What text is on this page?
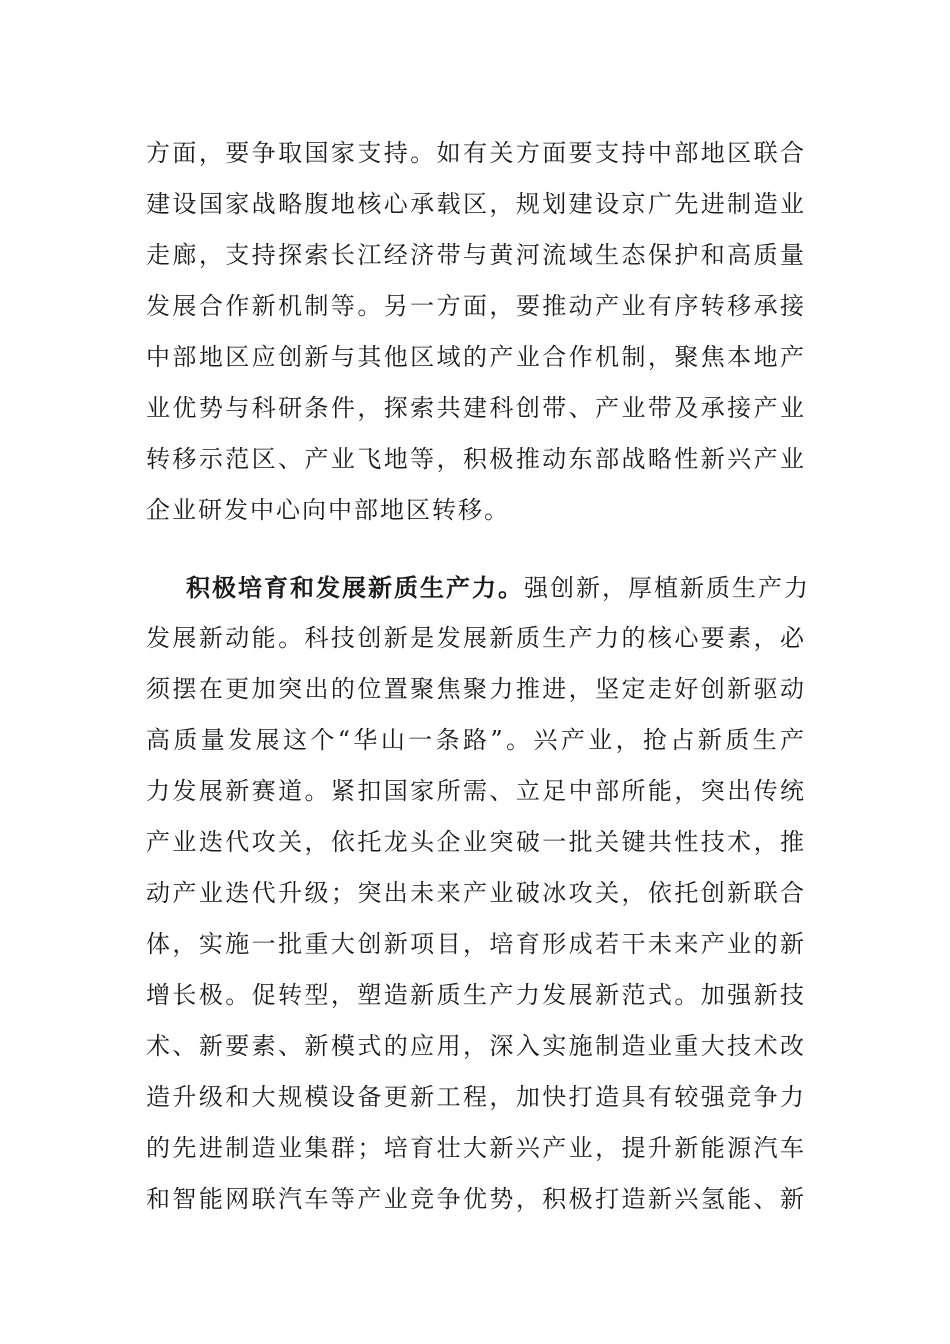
方面，要争取国家支持。如有关方面要支持中部地区联合
建设国家战略腹地核心承载区，规划建设京广先进制造业
走廊，支持探索长江经济带与黄河流域生态保护和高质量
发展合作新机制等。另一方面，要推动产业有序转移承接
中部地区应创新与其他区域的产业合作机制，聚焦本地产
业优势与科研条件，探索共建科创带、产业带及承接产业
转移示范区、产业飞地等，积极推动东部战略性新兴产业
企业研发中心向中部地区转移。
积极培育和发展新质生产力。强创新，厚植新质生产力
发展新动能。科技创新是发展新质生产力的核心要素，必
须摆在更加突出的位置聚焦聚力推进，坚定走好创新驱动
高质量发展这个“华山一条路”。兴产业，抢占新质生产
力发展新赛道。紧扣国家所需、立足中部所能，突出传统
产业迭代攻关，依托龙头企业突破一批关键共性技术，推
动产业迭代升级；突出未来产业破冰攻关，依托创新联合
体，实施一批重大创新项目，培育形成若干未来产业的新
增长极。促转型，塑造新质生产力发展新范式。加强新技
术、新要素、新模式的应用，深入实施制造业重大技术改
造升级和大规模设备更新工程，加快打造具有较强竞争力
的先进制造业集群；培育壮大新兴产业，提升新能源汽车
和智能网联汽车等产业竞争优势，积极打造新兴氢能、新
